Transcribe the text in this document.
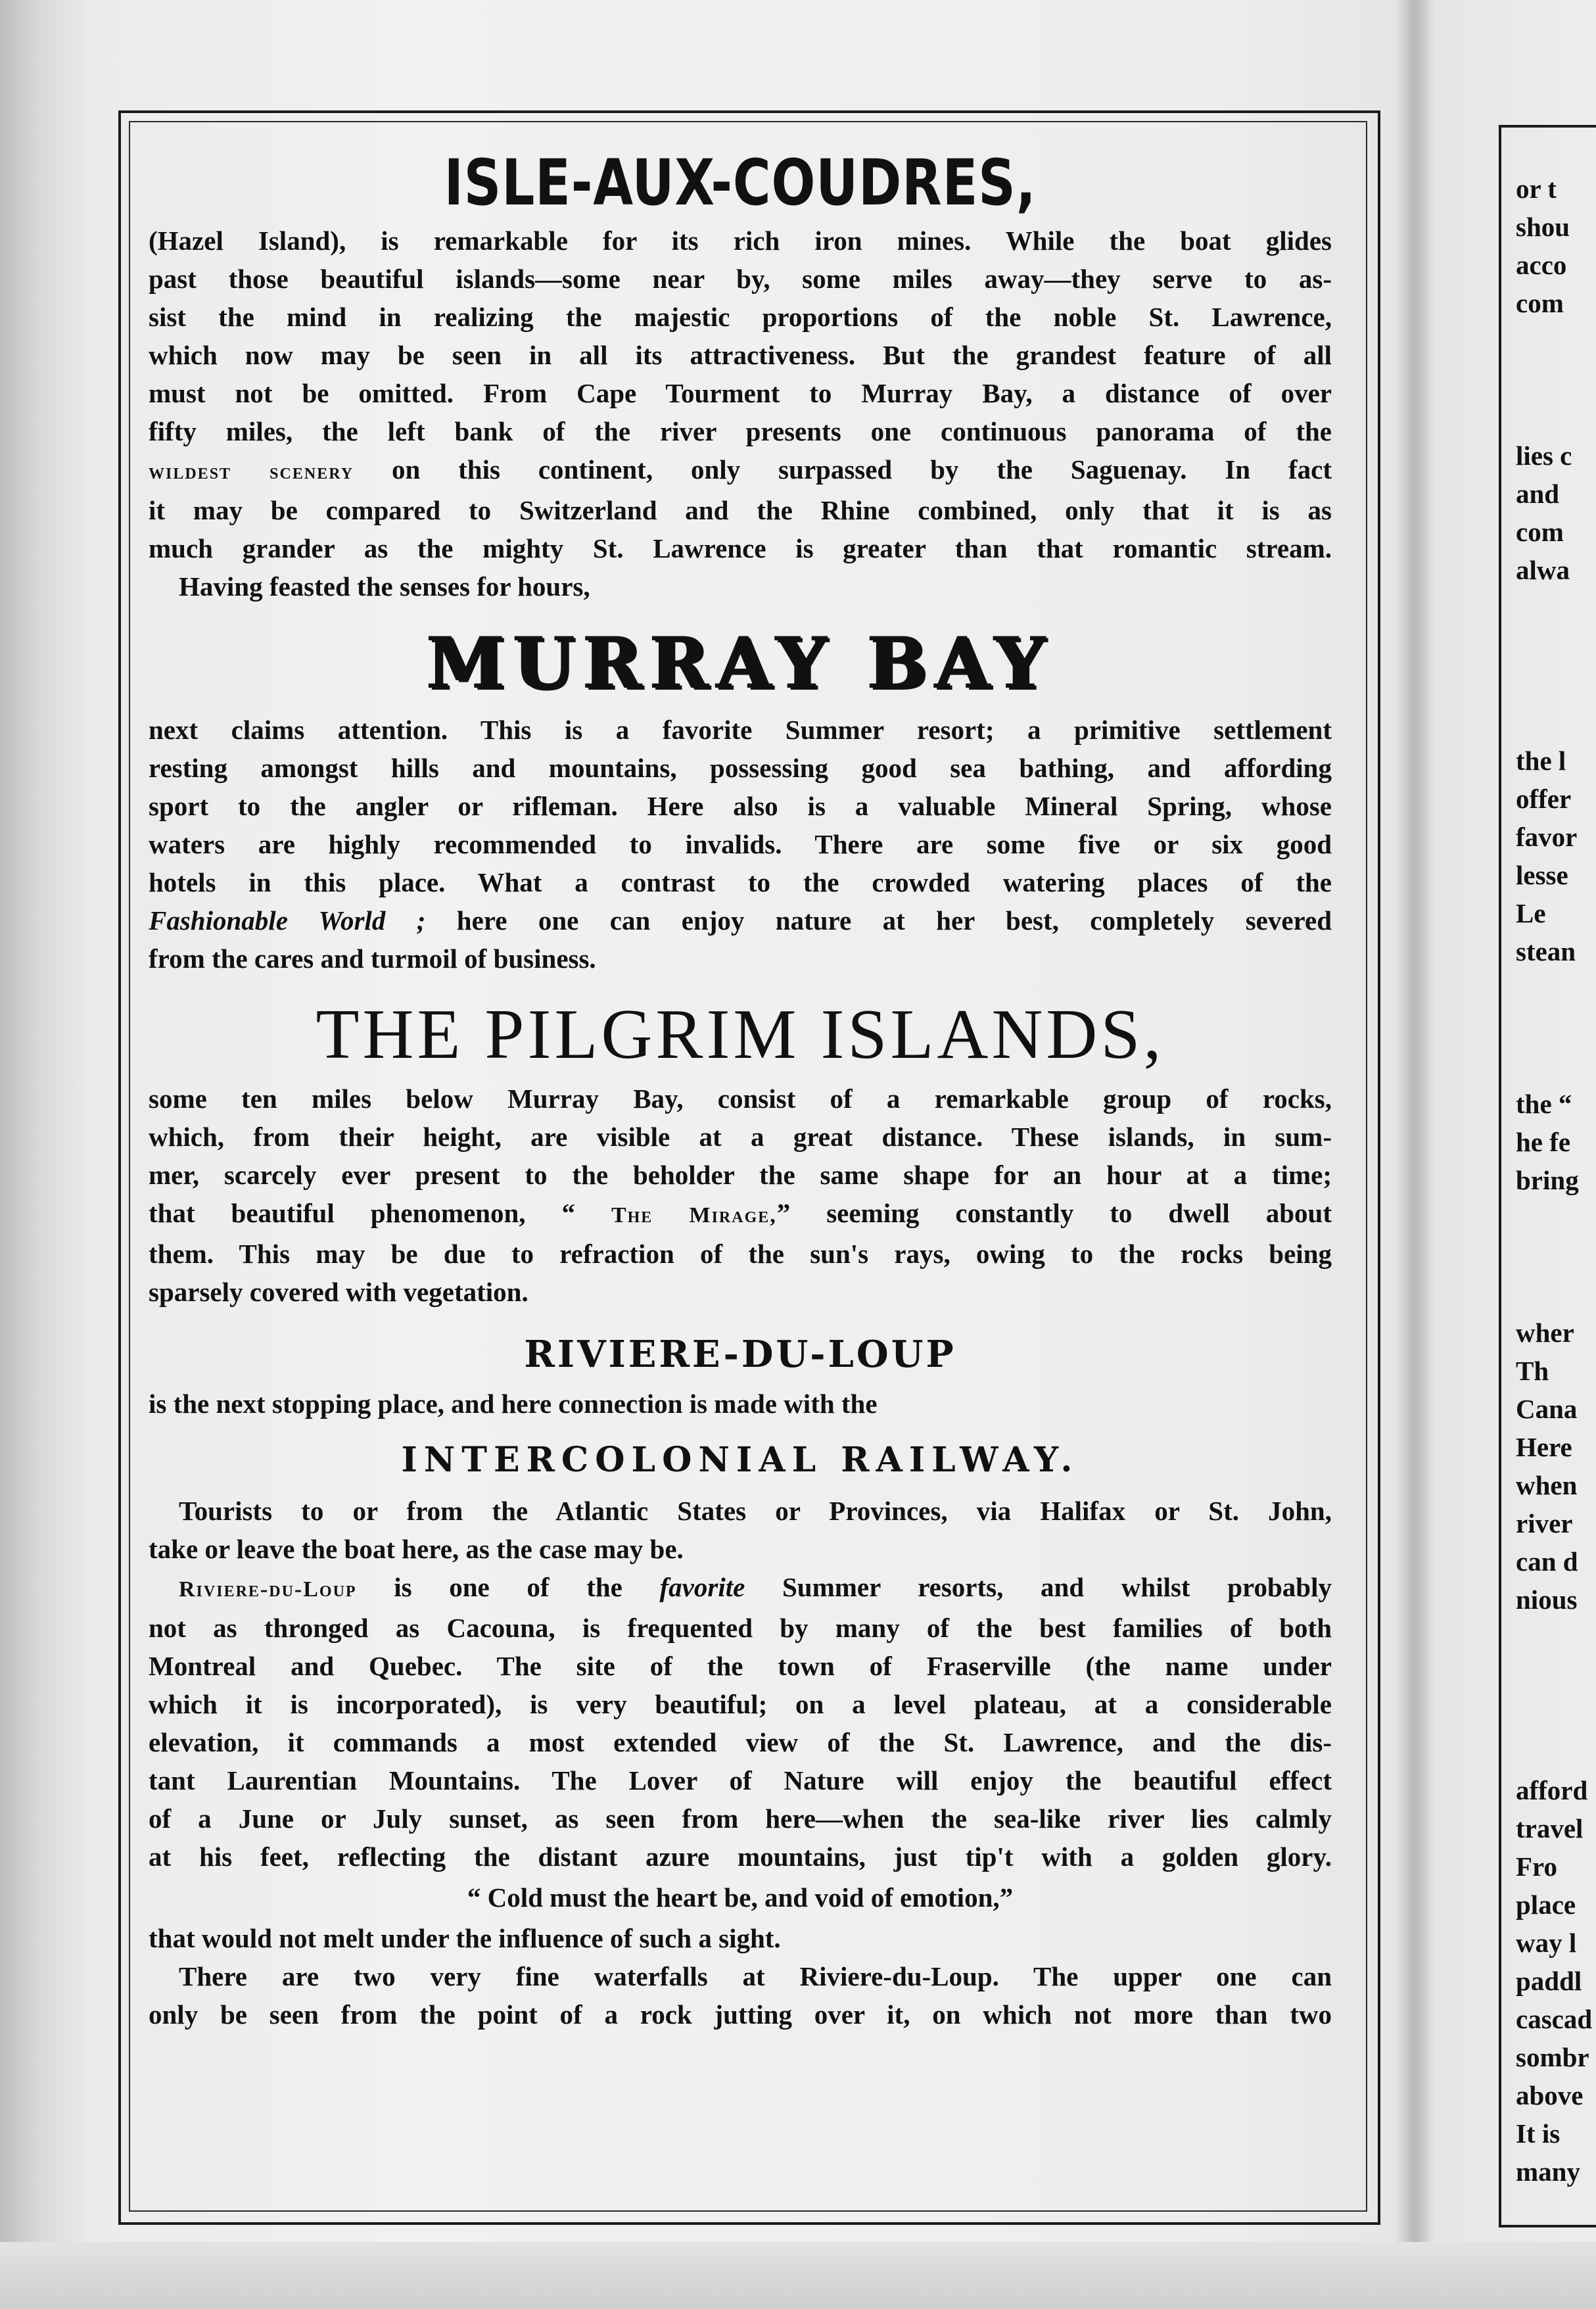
ISLE-AUX-COUDRES,

(Hazel Island), is remarkable for its rich iron mines. While the boat glides

past those beautiful islands—some near by, some miles away—they serve to as-

sist the mind in realizing the majestic proportions of the noble St. Lawrence,

which now may be seen in all its attractiveness. But the grandest feature of all

must not be omitted. From Cape Tourment to Murray Bay, a distance of over

fifty miles, the left bank of the river presents one continuous panorama of the

wildest scenery on this continent, only surpassed by the Saguenay. In fact

it may be compared to Switzerland and the Rhine combined, only that it is as

much grander as the mighty St. Lawrence is greater than that romantic stream.

Having feasted the senses for hours,

MURRAY BAY

next claims attention. This is a favorite Summer resort; a primitive settlement

resting amongst hills and mountains, possessing good sea bathing, and affording

sport to the angler or rifleman. Here also is a valuable Mineral Spring, whose

waters are highly recommended to invalids. There are some five or six good

hotels in this place. What a contrast to the crowded watering places of the

Fashionable World ; here one can enjoy nature at her best, completely severed

from the cares and turmoil of business.

THE PILGRIM ISLANDS,

some ten miles below Murray Bay, consist of a remarkable group of rocks,

which, from their height, are visible at a great distance. These islands, in sum-

mer, scarcely ever present to the beholder the same shape for an hour at a time;

that beautiful phenomenon, “ The Mirage,” seeming constantly to dwell about

them. This may be due to refraction of the sun's rays, owing to the rocks being

sparsely covered with vegetation.

RIVIERE-DU-LOUP

is the next stopping place, and here connection is made with the

INTERCOLONIAL RAILWAY.

Tourists to or from the Atlantic States or Provinces, via Halifax or St. John,

take or leave the boat here, as the case may be.

Riviere-du-Loup is one of the favorite Summer resorts, and whilst probably

not as thronged as Cacouna, is frequented by many of the best families of both

Montreal and Quebec. The site of the town of Fraserville (the name under

which it is incorporated), is very beautiful; on a level plateau, at a considerable

elevation, it commands a most extended view of the St. Lawrence, and the dis-

tant Laurentian Mountains. The Lover of Nature will enjoy the beautiful effect

of a June or July sunset, as seen from here—when the sea-like river lies calmly

at his feet, reflecting the distant azure mountains, just tip't with a golden glory.

“ Cold must the heart be, and void of emotion,”

that would not melt under the influence of such a sight.

There are two very fine waterfalls at Riviere-du-Loup. The upper one can

only be seen from the point of a rock jutting over it, on which not more than two

or t
shou
acco
com
lies c
and
com
alwa
the l
offer
favor
lesse
Le
stean
the “
he fe
bring
wher
Th
Cana
Here
when
river
can d
nious
afford
travel
Fro
place
way l
paddl
cascad
sombr
above
It is
many
